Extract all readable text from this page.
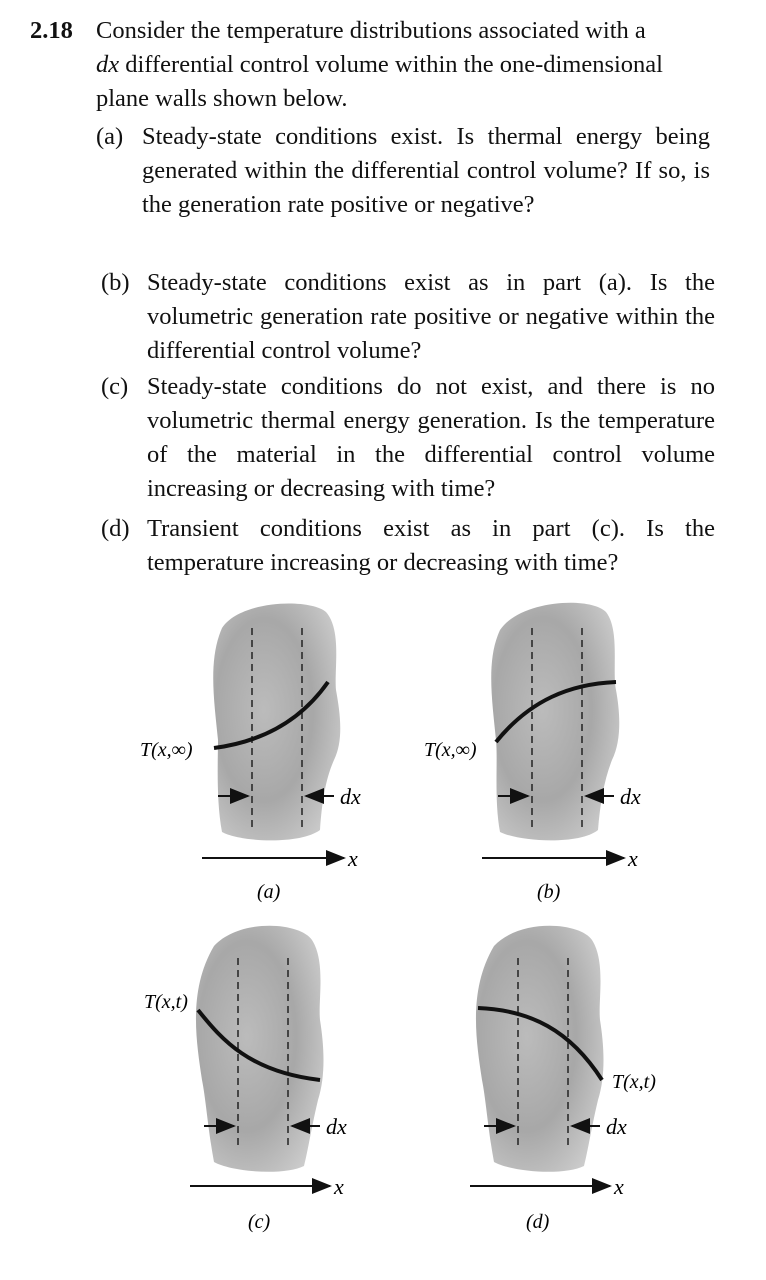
2.18 Consider the temperature distributions associated with a
dx differential control volume within the one-dimensional
plane walls shown below.
(a) Steady-state conditions exist. Is thermal energy being generated within the differential control volume? If so, is the generation rate positive or negative?
(b) Steady-state conditions exist as in part (a). Is the volumetric generation rate positive or negative within the differential control volume?
(c) Steady-state conditions do not exist, and there is no volumetric thermal energy generation. Is the temperature of the material in the differential control volume increasing or decreasing with time?
(d) Transient conditions exist as in part (c). Is the temperature increasing or decreasing with time?
T(x,∞)
dx
x
(a)
T(x,∞)
dx
x
(b)
T(x,t)
dx
x
(c)
T(x,t)
dx
x
(d)
